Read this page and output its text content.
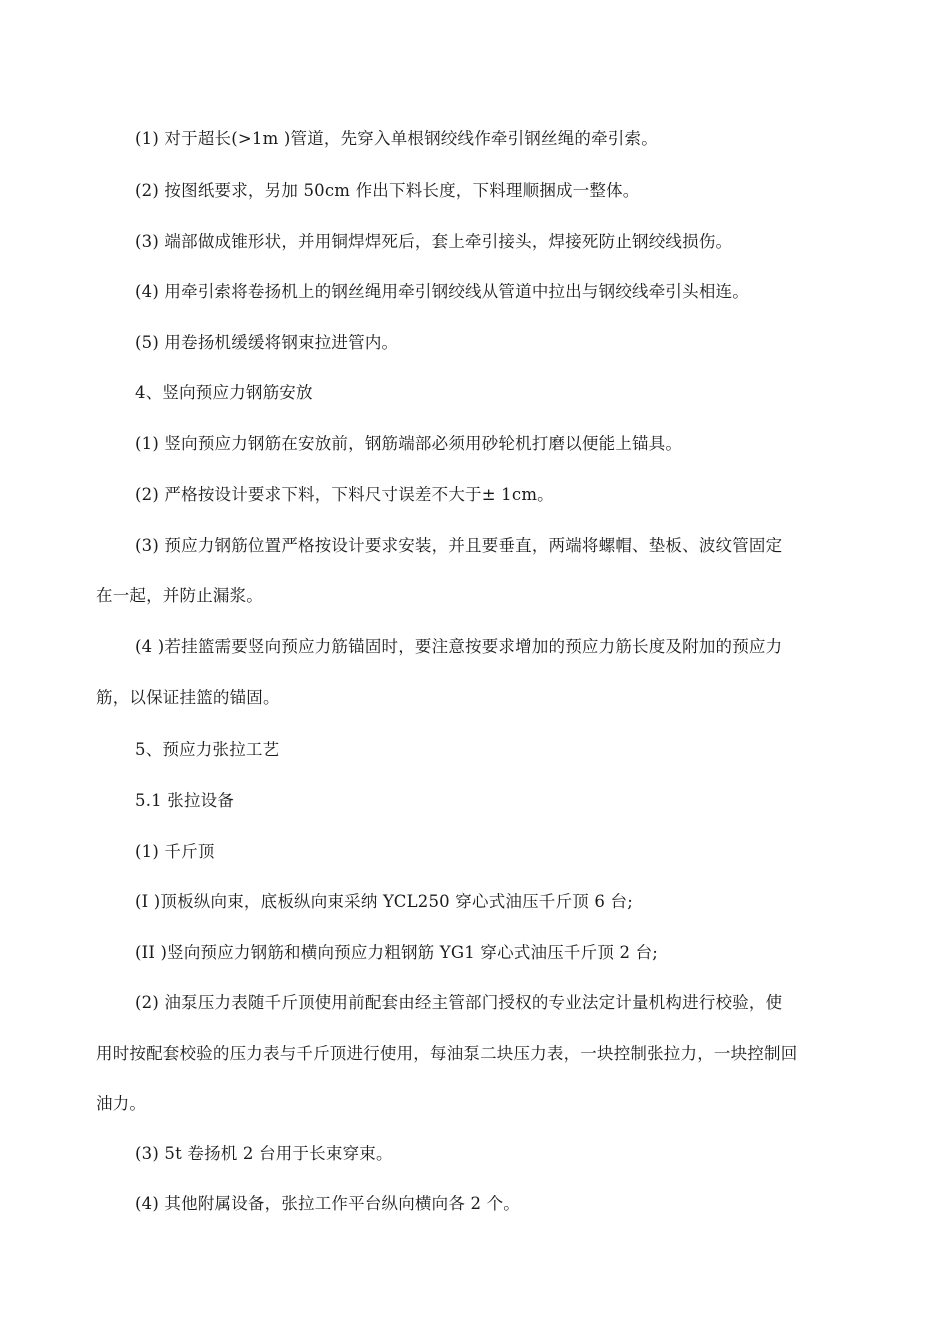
(1) 对于超长(>1m )管道，先穿入单根钢绞线作牵引钢丝绳的牵引索。
(2) 按图纸要求，另加 50cm 作出下料长度，下料理顺捆成一整体。
(3) 端部做成锥形状，并用铜焊焊死后，套上牵引接头，焊接死防止钢绞线损伤。
(4) 用牵引索将卷扬机上的钢丝绳用牵引钢绞线从管道中拉出与钢绞线牵引头相连。
(5) 用卷扬机缓缓将钢束拉进管内。
4、竖向预应力钢筋安放
(1) 竖向预应力钢筋在安放前，钢筋端部必须用砂轮机打磨以便能上锚具。
(2) 严格按设计要求下料，下料尺寸误差不大于± 1cm。
(3) 预应力钢筋位置严格按设计要求安装，并且要垂直，两端将螺帽、垫板、波纹管固定
在一起，并防止漏浆。
(4 )若挂篮需要竖向预应力筋锚固时，要注意按要求增加的预应力筋长度及附加的预应力
筋，以保证挂篮的锚固。
5、预应力张拉工艺
5.1 张拉设备
(1) 千斤顶
(I )顶板纵向束，底板纵向束采纳 YCL250 穿心式油压千斤顶 6 台;
(II )竖向预应力钢筋和横向预应力粗钢筋 YG1 穿心式油压千斤顶 2 台;
(2) 油泵压力表随千斤顶使用前配套由经主管部门授权的专业法定计量机构进行校验，使
用时按配套校验的压力表与千斤顶进行使用，每油泵二块压力表，一块控制张拉力，一块控制回
油力。
(3) 5t 卷扬机 2 台用于长束穿束。
(4) 其他附属设备，张拉工作平台纵向横向各 2 个。
